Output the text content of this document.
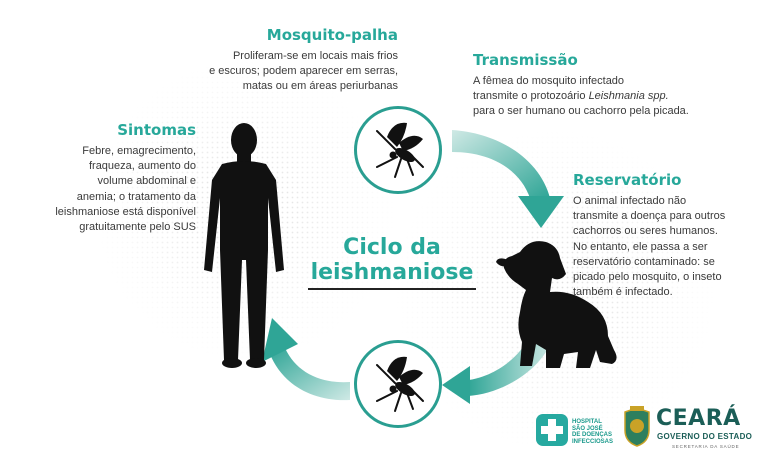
Ciclo da
leishmaniose
Mosquito-palha

Proliferam-se em locais mais frios

e escuros; podem aparecer em serras,

matas ou em áreas periurbanas

Transmissão

A fêmea do mosquito infectado

transmite o protozoário Leishmania spp.

para o ser humano ou cachorro pela picada.

Reservatório

O animal infectado não

transmite a doença para outros

cachorros ou seres humanos.

No entanto, ele passa a ser

reservatório contaminado: se

picado pelo mosquito, o inseto

também é infectado.

Sintomas

Febre, emagrecimento,

fraqueza, aumento do

volume abdominal e

anemia; o tratamento da

leishmaniose está disponível

gratuitamente pelo SUS

HOSPITAL
SÃO JOSÉ
DE DOENÇAS
INFECCIOSAS
CEARÁ
GOVERNO DO ESTADO
SECRETARIA DA SAÚDE
